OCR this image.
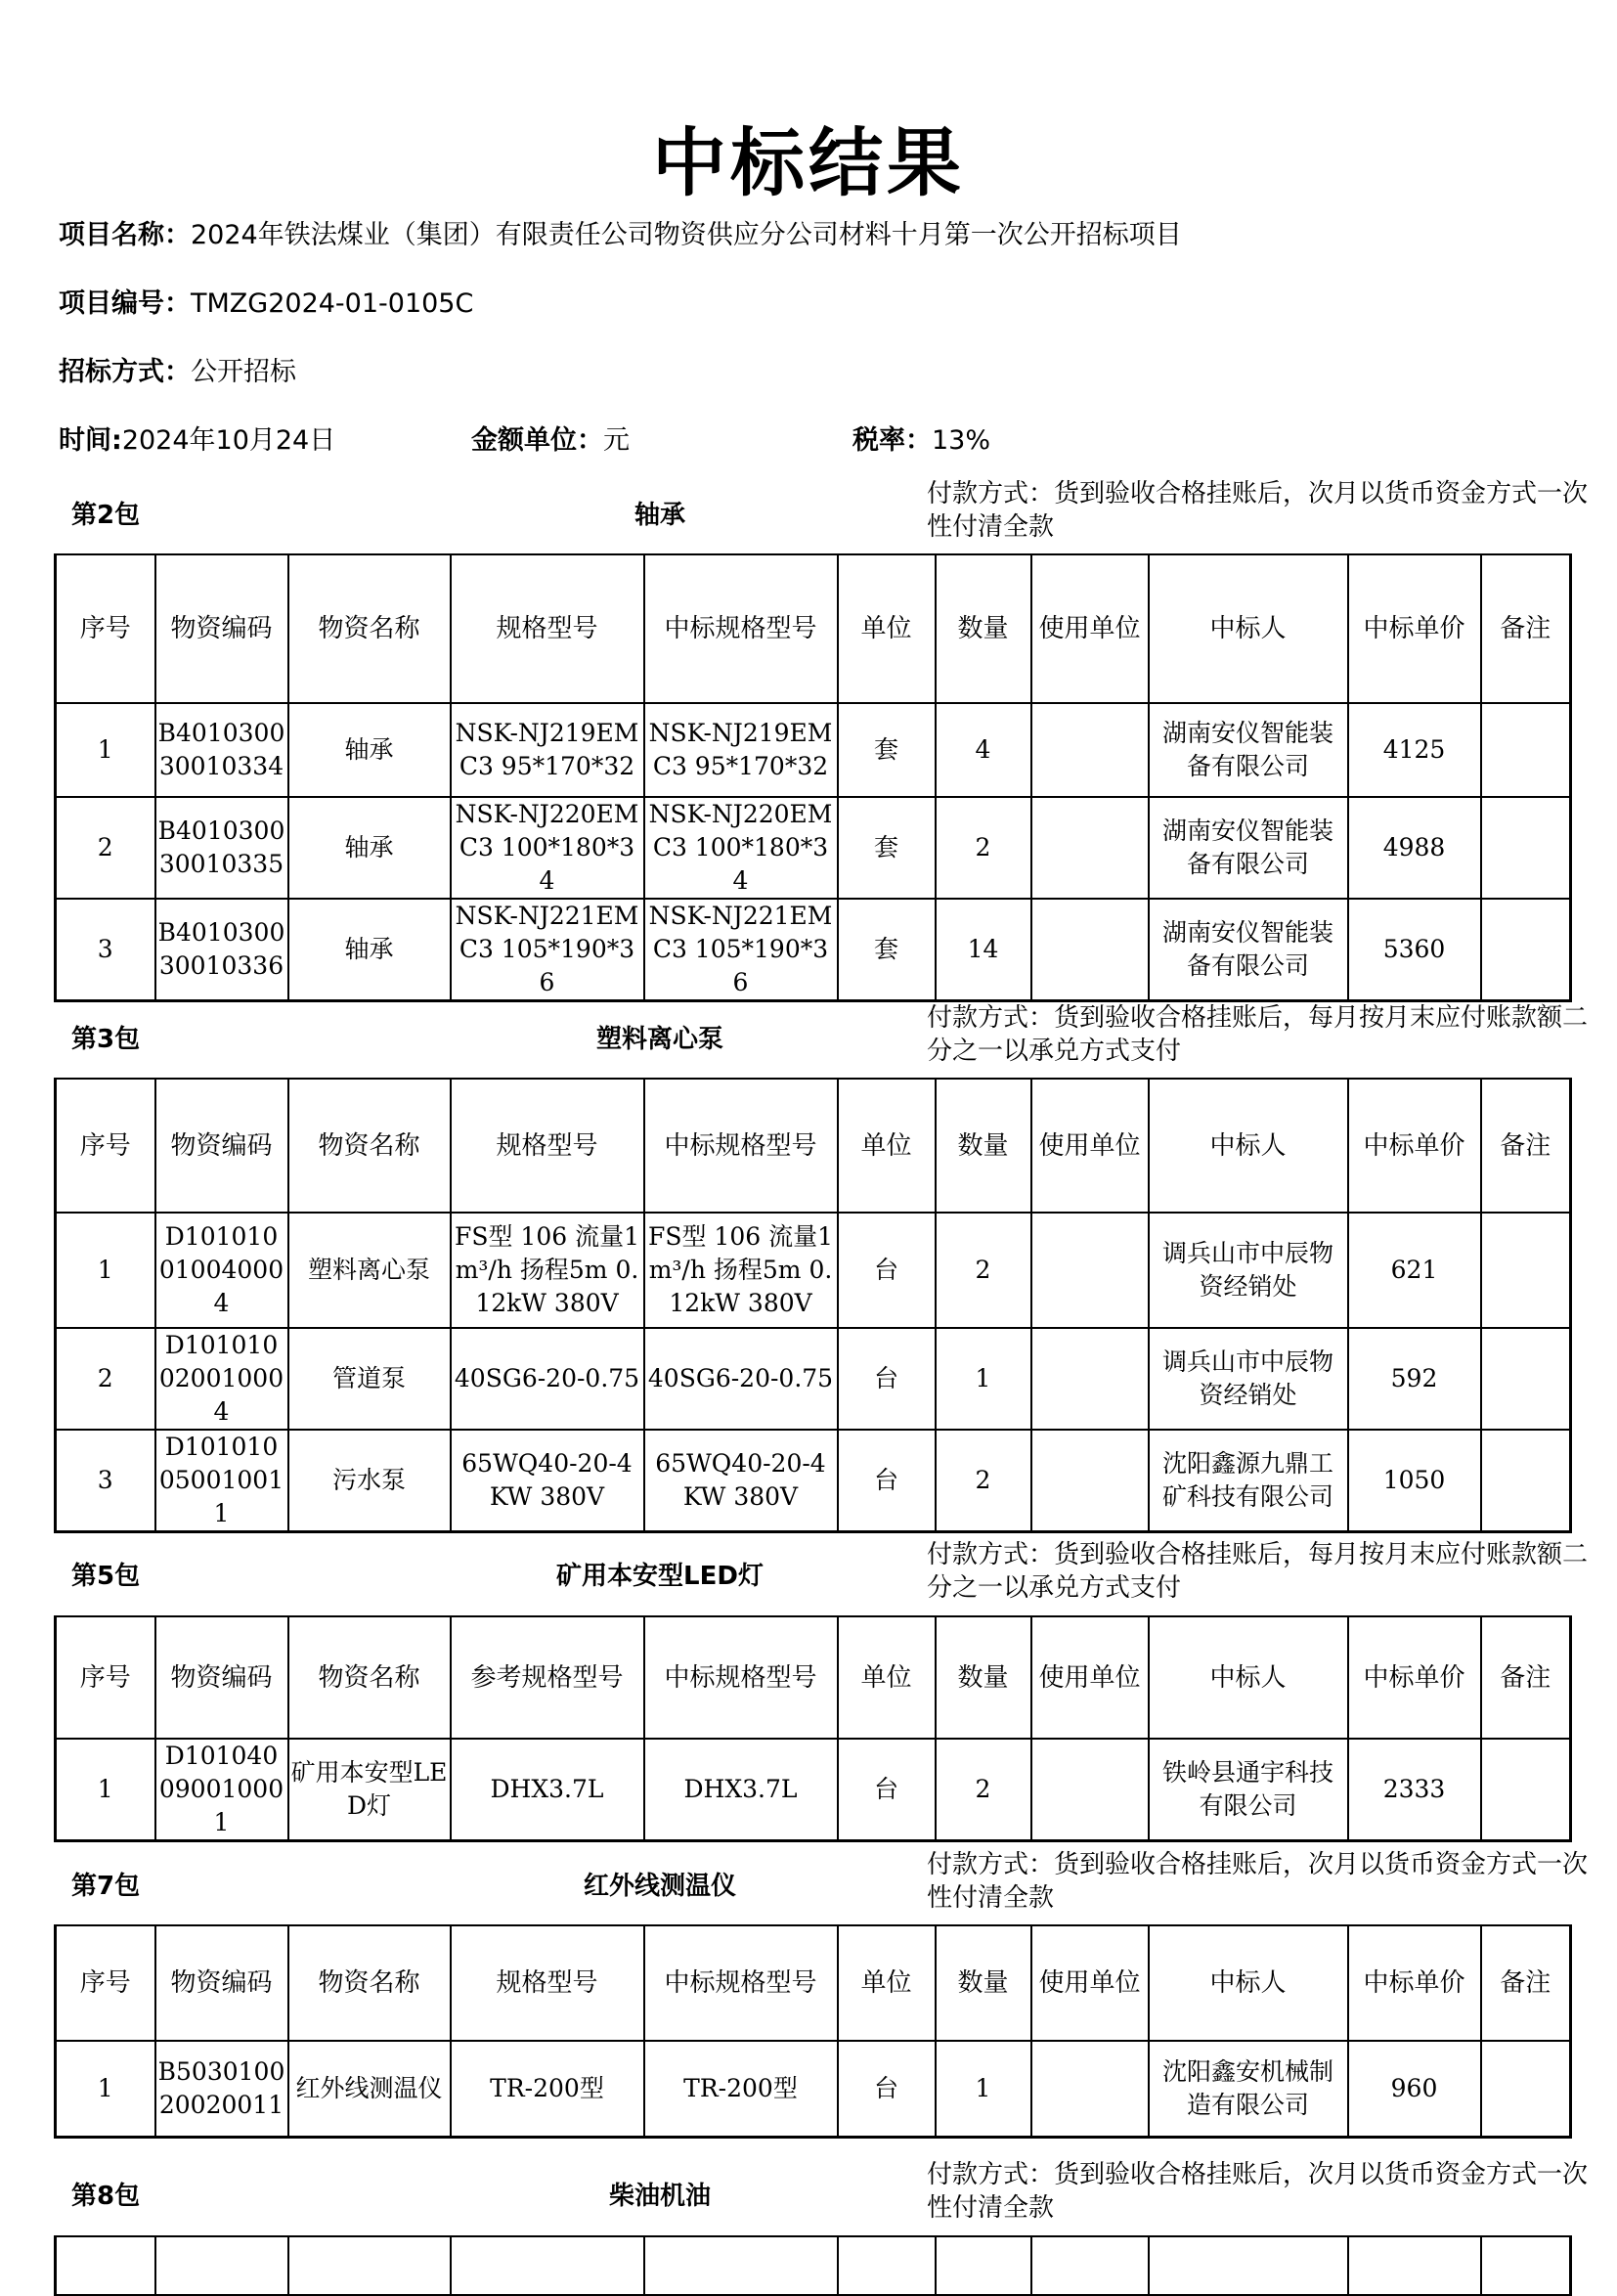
中标结果
项目名称：2024年铁法煤业（集团）有限责任公司物资供应分公司材料十月第一次公开招标项目
项目编号：TMZG2024-01-0105C
招标方式：公开招标
时间:2024年10月24日	金额单位：元	税率：13%
第2包	轴承
付款方式：货到验收合格挂账后，次月以货币资金方式一次性付清全款
序号	物资编码	物资名称	规格型号	中标规格型号	单位	数量	使用单位	中标人	中标单价	备注
1	B401030030010334	轴承	NSK-NJ219EMC3 95*170*32	NSK-NJ219EMC3 95*170*32	套	4		湖南安仪智能装备有限公司	4125	
2	B401030030010335	轴承	NSK-NJ220EMC3 100*180*34	NSK-NJ220EMC3 100*180*34	套	2		湖南安仪智能装备有限公司	4988	
3	B401030030010336	轴承	NSK-NJ221EMC3 105*190*36	NSK-NJ221EMC3 105*190*36	套	14		湖南安仪智能装备有限公司	5360	
第3包	塑料离心泵
付款方式：货到验收合格挂账后，每月按月末应付账款额二分之一以承兑方式支付
序号	物资编码	物资名称	规格型号	中标规格型号	单位	数量	使用单位	中标人	中标单价	备注
1	D101010010040004	塑料离心泵	FS型 106 流量1m³/h 扬程5m 0.12kW 380V	FS型 106 流量1m³/h 扬程5m 0.12kW 380V	台	2		调兵山市中辰物资经销处	621	
2	D101010020010004	管道泵	40SG6-20-0.75	40SG6-20-0.75	台	1		调兵山市中辰物资经销处	592	
3	D101010050010011	污水泵	65WQ40-20-4KW 380V	65WQ40-20-4KW 380V	台	2		沈阳鑫源九鼎工矿科技有限公司	1050	
第5包	矿用本安型LED灯
付款方式：货到验收合格挂账后，每月按月末应付账款额二分之一以承兑方式支付
序号	物资编码	物资名称	参考规格型号	中标规格型号	单位	数量	使用单位	中标人	中标单价	备注
1	D101040090010001	矿用本安型LED灯	DHX3.7L	DHX3.7L	台	2		铁岭县通宇科技有限公司	2333	
第7包	红外线测温仪
付款方式：货到验收合格挂账后，次月以货币资金方式一次性付清全款
序号	物资编码	物资名称	规格型号	中标规格型号	单位	数量	使用单位	中标人	中标单价	备注
1	B503010020020011	红外线测温仪	TR-200型	TR-200型	台	1		沈阳鑫安机械制造有限公司	960	
第8包	柴油机油
付款方式：货到验收合格挂账后，次月以货币资金方式一次性付清全款
